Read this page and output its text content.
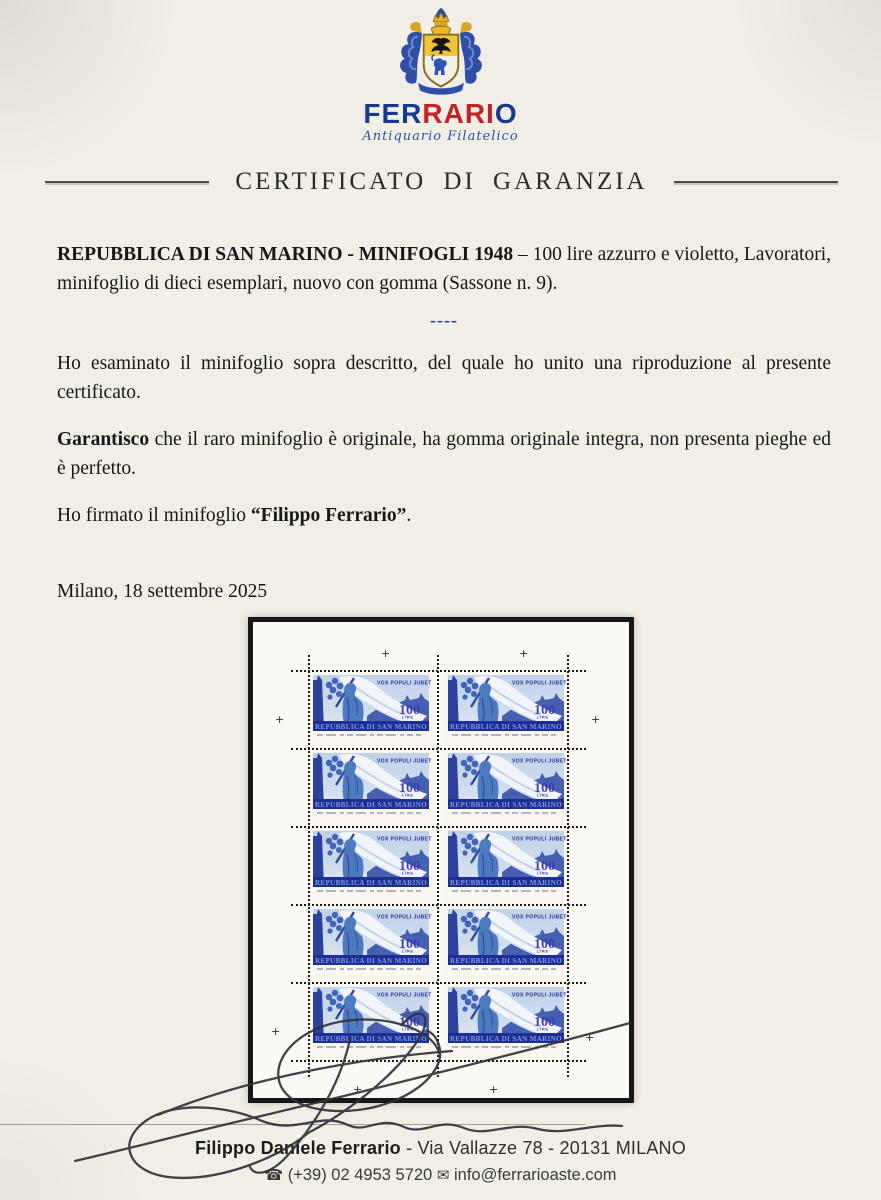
FERRARIO
Antiquario Filatelico
CERTIFICATO DI GARANZIA

REPUBBLICA DI SAN MARINO - MINIFOGLI 1948 – 100 lire azzurro e violetto, Lavoratori, minifoglio di dieci esemplari, nuovo con gomma (Sassone n. 9).

----

Ho esaminato il minifoglio sopra descritto, del quale ho unito una riproduzione al presente certificato.

Garantisco che il raro minifoglio è originale, ha gomma originale integra, non presenta pieghe ed è perfetto.

Ho firmato il minifoglio “Filippo Ferrario”.

Milano, 18 settembre 2025

+	+
+	+
+	+
+	+
Filippo Daniele Ferrario - Via Vallazze 78 - 20131 MILANO
☎ (+39) 02 4953 5720 ✉ info@ferrarioaste.com
